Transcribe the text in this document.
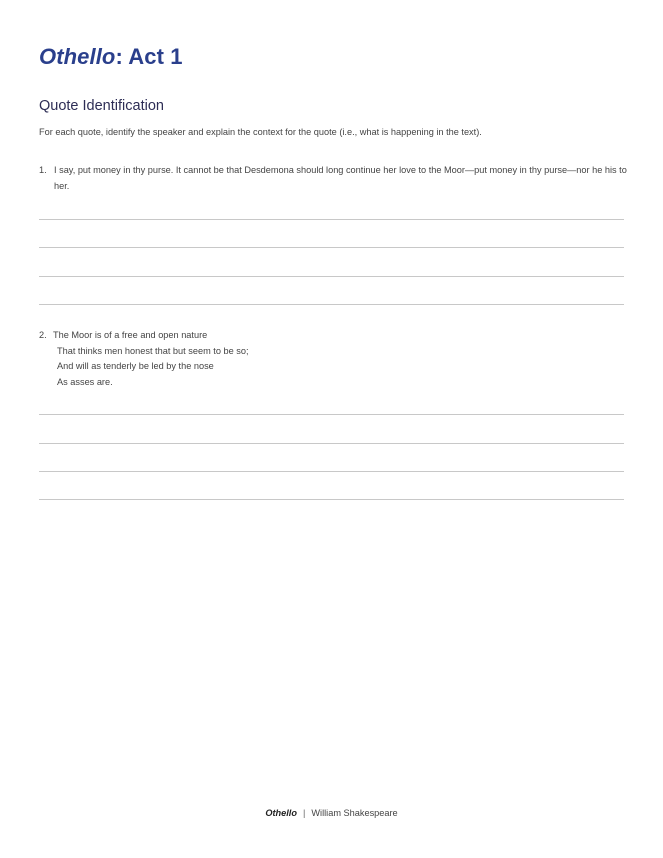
Othello: Act 1
Quote Identification

For each quote, identify the speaker and explain the context for the quote (i.e., what is happening in the text).

1. I say, put money in thy purse. It cannot be that Desdemona should long continue her love to the Moor—put money in thy purse—nor he his to her.
2. The Moor is of a free and open nature
That thinks men honest that but seem to be so;
And will as tenderly be led by the nose
As asses are.
Othello | William Shakespeare
